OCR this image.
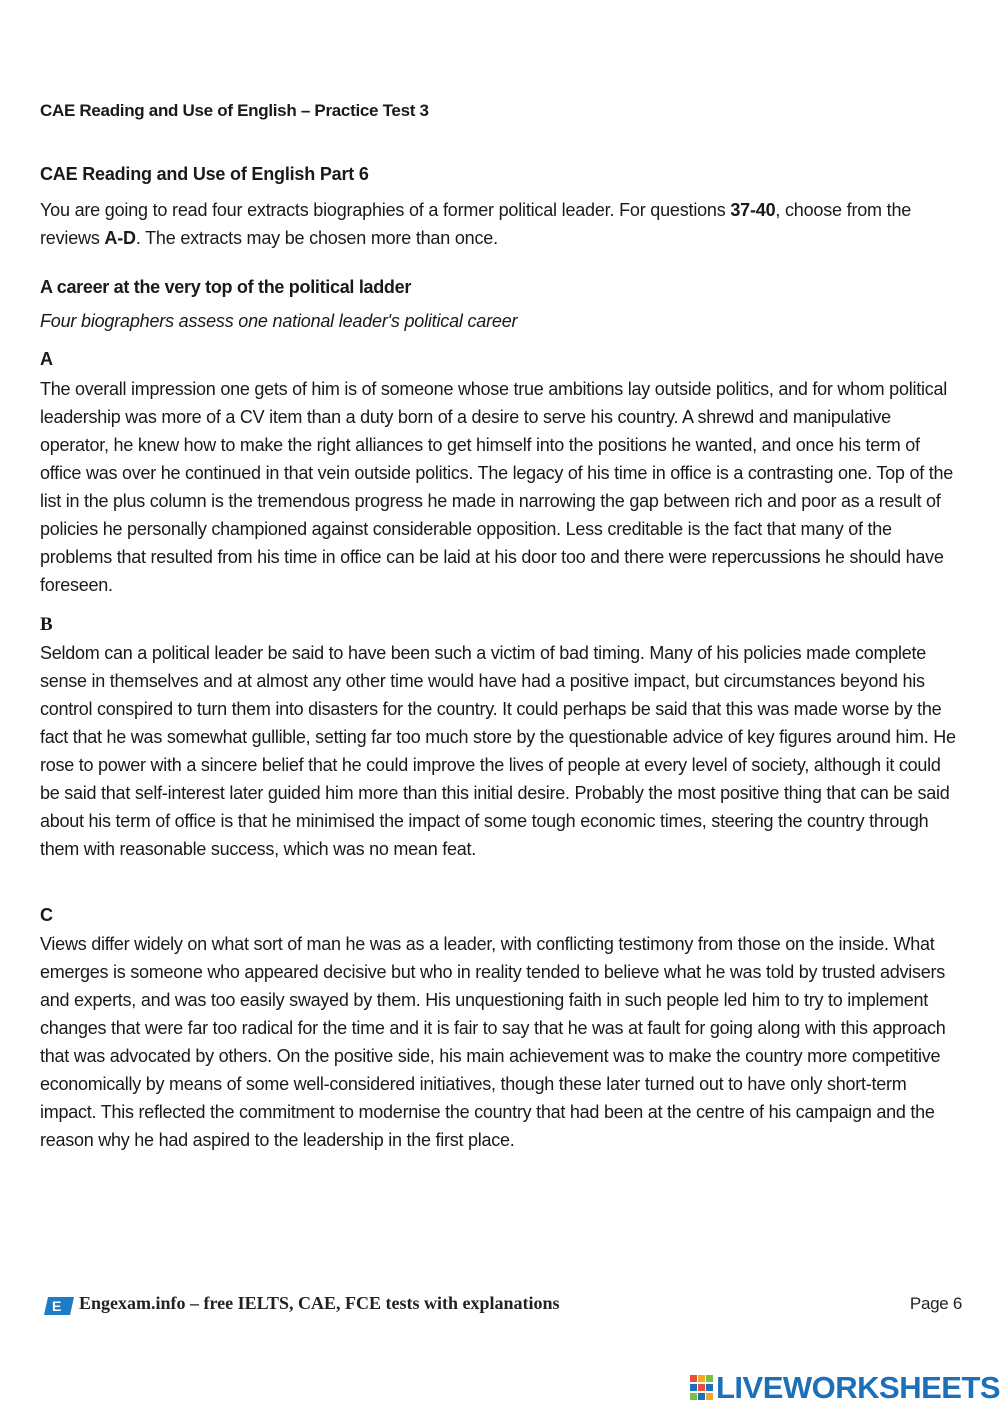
CAE Reading and Use of English – Practice Test 3
CAE Reading and Use of English Part 6
You are going to read four extracts biographies of a former political leader. For questions 37-40, choose from the reviews A-D. The extracts may be chosen more than once.
A career at the very top of the political ladder
Four biographers assess one national leader's political career
A
The overall impression one gets of him is of someone whose true ambitions lay outside politics, and for whom political leadership was more of a CV item than a duty born of a desire to serve his country. A shrewd and manipulative operator, he knew how to make the right alliances to get himself into the positions he wanted, and once his term of office was over he continued in that vein outside politics. The legacy of his time in office is a contrasting one. Top of the list in the plus column is the tremendous progress he made in narrowing the gap between rich and poor as a result of policies he personally championed against considerable opposition. Less creditable is the fact that many of the problems that resulted from his time in office can be laid at his door too and there were repercussions he should have foreseen.
B
Seldom can a political leader be said to have been such a victim of bad timing. Many of his policies made complete sense in themselves and at almost any other time would have had a positive impact, but circumstances beyond his control conspired to turn them into disasters for the country. It could perhaps be said that this was made worse by the fact that he was somewhat gullible, setting far too much store by the questionable advice of key figures around him. He rose to power with a sincere belief that he could improve the lives of people at every level of society, although it could be said that self-interest later guided him more than this initial desire. Probably the most positive thing that can be said about his term of office is that he minimised the impact of some tough economic times, steering the country through them with reasonable success, which was no mean feat.
C
Views differ widely on what sort of man he was as a leader, with conflicting testimony from those on the inside. What emerges is someone who appeared decisive but who in reality tended to believe what he was told by trusted advisers and experts, and was too easily swayed by them. His unquestioning faith in such people led him to try to implement changes that were far too radical for the time and it is fair to say that he was at fault for going along with this approach that was advocated by others. On the positive side, his main achievement was to make the country more competitive economically by means of some well-considered initiatives, though these later turned out to have only short-term impact. This reflected the commitment to modernise the country that had been at the centre of his campaign and the reason why he had aspired to the leadership in the first place.
E Engexam.info – free IELTS, CAE, FCE tests with explanations	Page 6
LIVEWORKSHEETS
